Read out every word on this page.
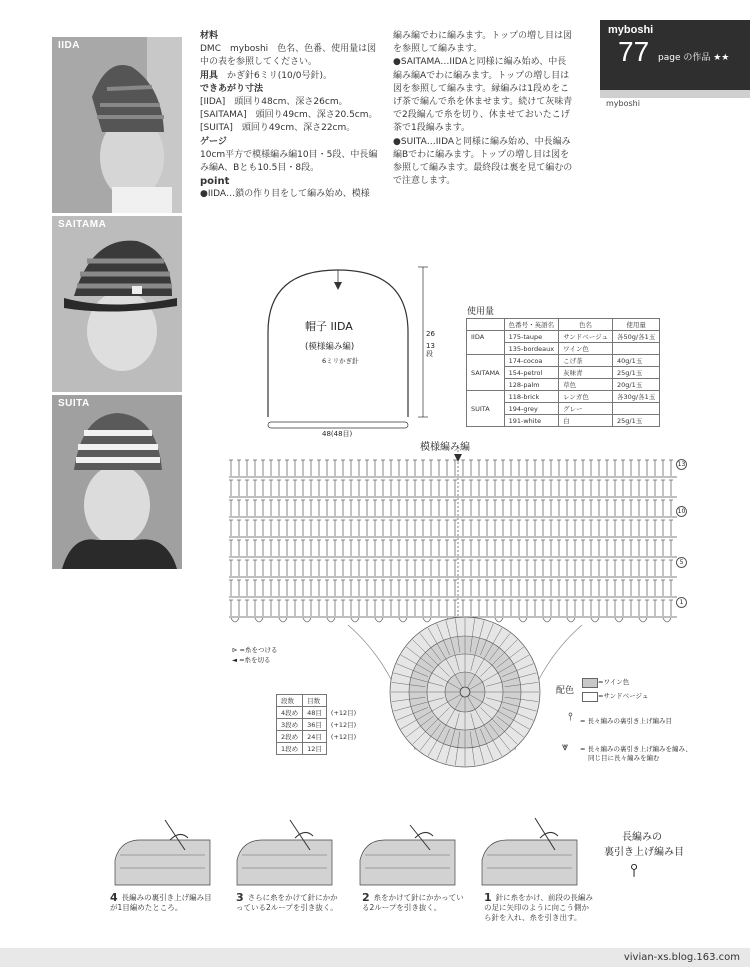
IIDA
SAITAMA
SUITA

材料

DMC　myboshi　色名、色番、使用量は図中の表を参照してください。

用具　 かぎ針6ミリ(10/0号針)。

できあがり寸法

[IIDA]　頭回り48cm、深さ26cm。

[SAITAMA]　頭回り49cm、深さ20.5cm。

[SUITA]　頭回り49cm、深さ22cm。

ゲージ

10cm平方で模様編み編10目・5段、中長編み編A、Bとも10.5目・8段。

point

●IIDA…鎖の作り目をして編み始め、模様

編み編でわに編みます。トップの増し目は図を参照して編みます。

●SAITAMA…IIDAと同様に編み始め、中長編み編Aでわに編みます。トップの増し目は図を参照して編みます。縁編みは1段めをこげ茶で編んで糸を休ませます。続けて灰味青で2段編んで糸を切り、休ませておいたこげ茶で1段編みます。

●SUITA…IIDAと同様に編み始め、中長編み編Bでわに編みます。トップの増し目は図を参照して編みます。最終段は裏を見て編むので注意します。

myboshi
77 page の作品 ★★
myboshi
帽子 IIDA
(模様編み編)
6ミリかぎ針
26
13段
48(48目)
使用量
	色番号・英語名	色名	使用量
IIDA	175-taupe	サンドベージュ	各50g/各1玉
	135-bordeaux	ワイン色	
	174-cocoa	こげ茶	40g/1玉
SAITAMA	154-petrol	灰味青	25g/1玉
	128-palm	草色	20g/1玉
	118-brick	レンガ色	各30g/各1玉
SUITA	194-grey	グレー	
	191-white	白	25g/1玉
模様編み編
13
10
5
1
⊳ =糸をつける
◄ =糸を切る
段数	目数	
4段め	48目	(+12目)
3段め	36目	(+12目)
2段め	24目	(+12目)
1段め	12目	
配色
=ワイン色
=サンドベージュ
⫯ = 長々編みの裏引き上げ編み目
⩔ = 長々編みの裏引き上げ編みを編み、
同じ目に長々編みを編む
4 長編みの裏引き上げ編み目が1目編めたところ。
3 さらに糸をかけて針にかかっている2ループを引き抜く。
2 糸をかけて針にかかっている2ループを引き抜く。
1 針に糸をかけ、前段の長編みの足に矢印のように向こう側から針を入れ、糸を引き出す。
長編みの
裏引き上げ編み目
⫯
vivian-xs.blog.163.com
